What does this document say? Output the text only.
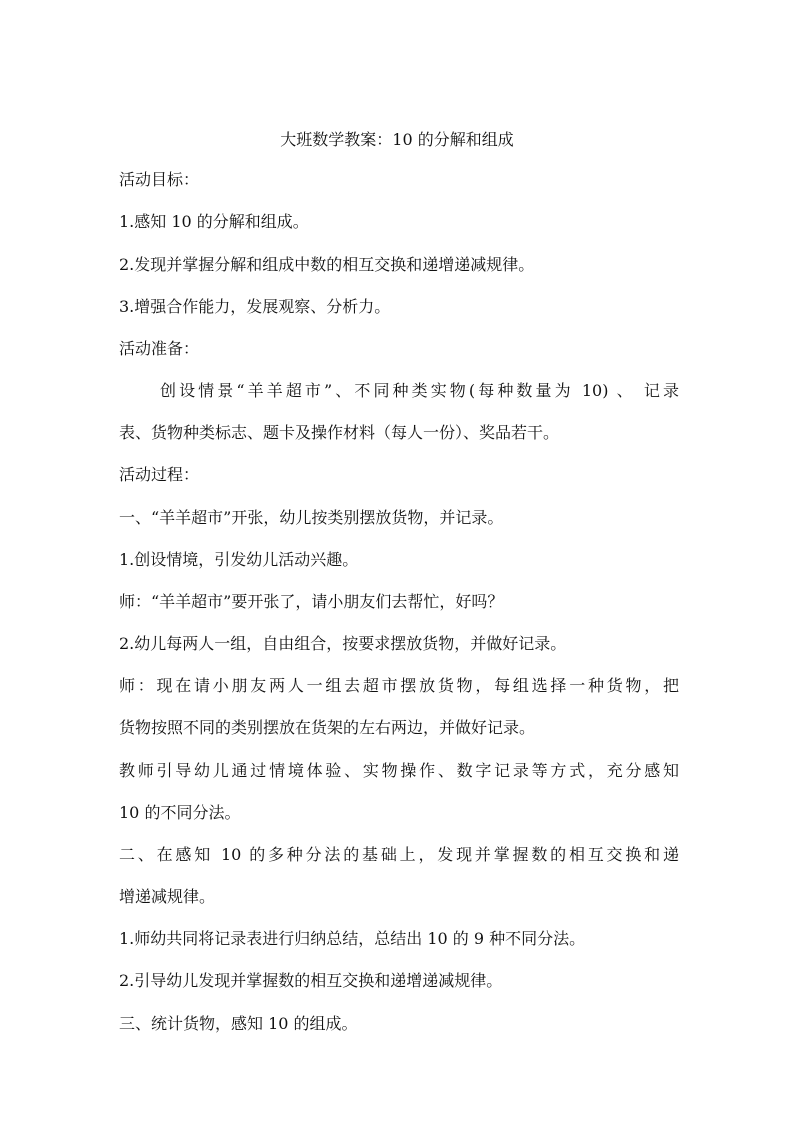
大班数学教案：10 的分解和组成
活动目标：
1.感知 10 的分解和组成。
2.发现并掌握分解和组成中数的相互交换和递增递减规律。
3.增强合作能力，发展观察、分析力。
活动准备：
创设情景“羊羊超市”、不同种类实物(每种数量为 10) 、 记录
表、货物种类标志、题卡及操作材料（每人一份）、奖品若干。
活动过程：
一、“羊羊超市”开张，幼儿按类别摆放货物，并记录。
1.创设情境，引发幼儿活动兴趣。
师：“羊羊超市”要开张了，请小朋友们去帮忙，好吗？
2.幼儿每两人一组，自由组合，按要求摆放货物，并做好记录。
师：现在请小朋友两人一组去超市摆放货物，每组选择一种货物，把
货物按照不同的类别摆放在货架的左右两边，并做好记录。
教师引导幼儿通过情境体验、实物操作、数字记录等方式，充分感知
10 的不同分法。
二、在感知 10 的多种分法的基础上，发现并掌握数的相互交换和递
增递减规律。
1.师幼共同将记录表进行归纳总结，总结出 10 的 9 种不同分法。
2.引导幼儿发现并掌握数的相互交换和递增递减规律。
三、统计货物，感知 10 的组成。
